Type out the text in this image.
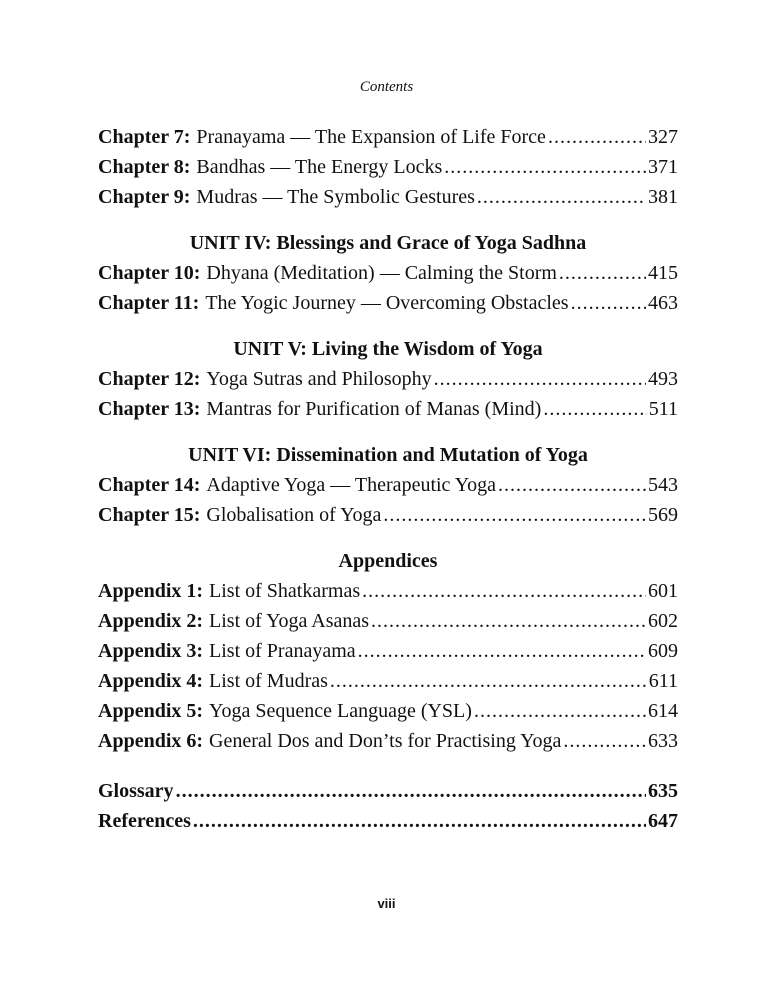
Contents
Chapter 7: Pranayama — The Expansion of Life Force .....	327
Chapter 8: Bandhas — The Energy Locks .....	371
Chapter 9: Mudras — The Symbolic Gestures .....	381
UNIT IV: Blessings and Grace of Yoga Sadhna
Chapter 10: Dhyana (Meditation) — Calming the Storm .....	415
Chapter 11: The Yogic Journey — Overcoming Obstacles .....	463
UNIT V: Living the Wisdom of Yoga
Chapter 12: Yoga Sutras and Philosophy .....	493
Chapter 13: Mantras for Purification of Manas (Mind) .....	511
UNIT VI: Dissemination and Mutation of Yoga
Chapter 14: Adaptive Yoga — Therapeutic Yoga .....	543
Chapter 15: Globalisation of Yoga .....	569
Appendices
Appendix 1: List of Shatkarmas .....	601
Appendix 2: List of Yoga Asanas .....	602
Appendix 3: List of Pranayama .....	609
Appendix 4: List of Mudras .....	611
Appendix 5: Yoga Sequence Language (YSL) .....	614
Appendix 6: General Dos and Don’ts for Practising Yoga .....	633
Glossary .....	635
References .....	647
viii
